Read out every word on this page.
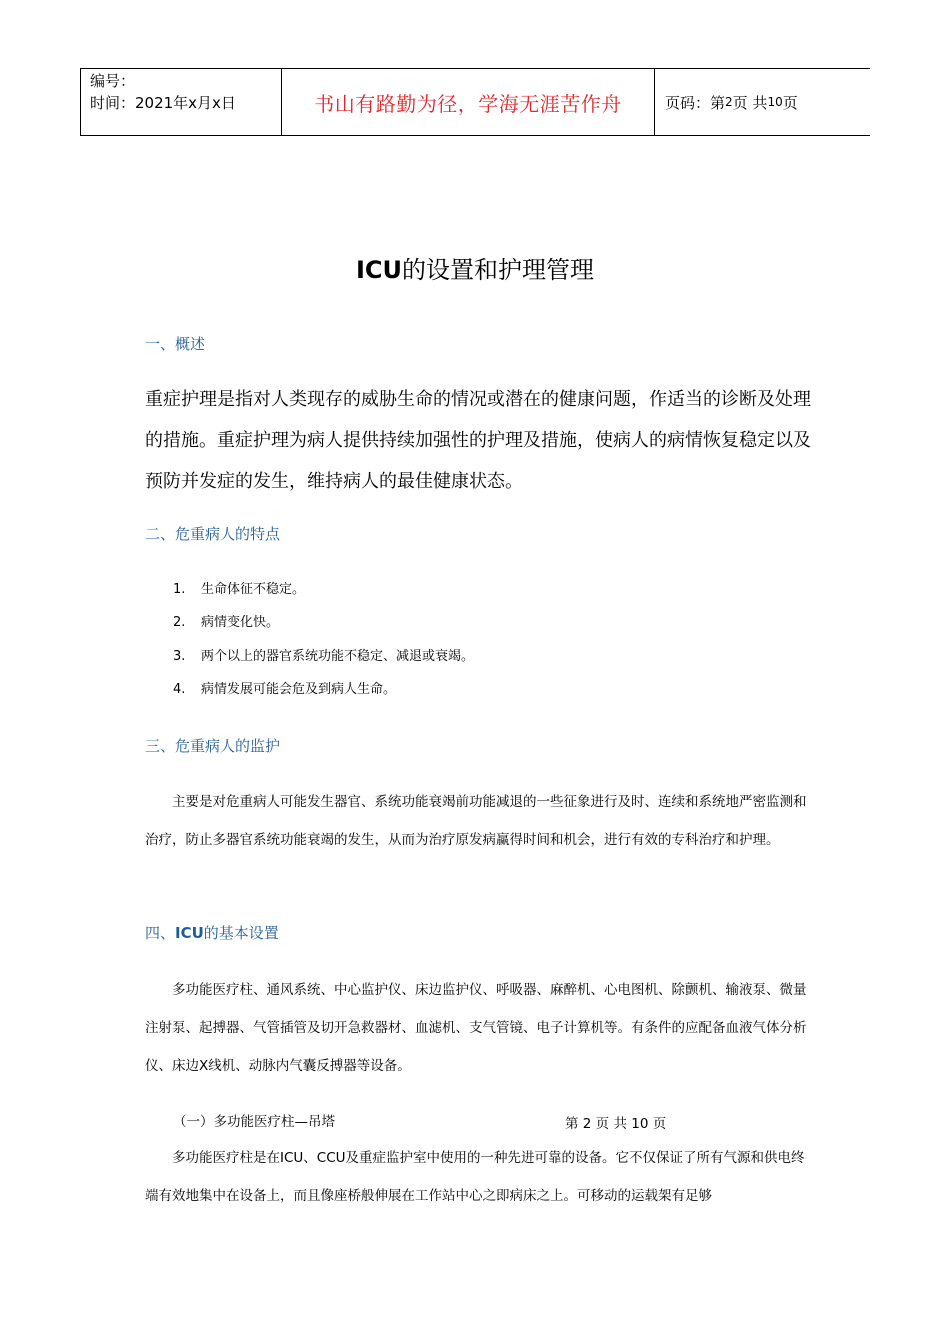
编号：
时间：2021年x月x日	书山有路勤为径，学海无涯苦作舟	页码：第 2 页 共 10 页
ICU的设置和护理管理
一、概述
重症护理是指对人类现存的威胁生命的情况或潜在的健康问题，作适当的诊断及处理的措施。重症护理为病人提供持续加强性的护理及措施，使病人的病情恢复稳定以及预防并发症的发生，维持病人的最佳健康状态。
二、危重病人的特点
1. 生命体征不稳定。
2. 病情变化快。
3. 两个以上的器官系统功能不稳定、减退或衰竭。
4. 病情发展可能会危及到病人生命。
三、危重病人的监护
主要是对危重病人可能发生器官、系统功能衰竭前功能减退的一些征象进行及时、连续和系统地严密监测和治疗，防止多器官系统功能衰竭的发生，从而为治疗原发病赢得时间和机会，进行有效的专科治疗和护理。
四、ICU的基本设置
多功能医疗柱、通风系统、中心监护仪、床边监护仪、呼吸器、麻醉机、心电图机、除颤机、输液泵、微量注射泵、起搏器、气管插管及切开急救器材、血滤机、支气管镜、电子计算机等。有条件的应配备血液气体分析仪、床边X线机、动脉内气囊反搏器等设备。
（一）多功能医疗柱—吊塔	第 2 页 共 10 页
多功能医疗柱是在ICU、CCU及重症监护室中使用的一种先进可靠的设备。它不仅保证了所有气源和供电终端有效地集中在设备上，而且像座桥般伸展在工作站中心之即病床之上。可移动的运载架有足够
